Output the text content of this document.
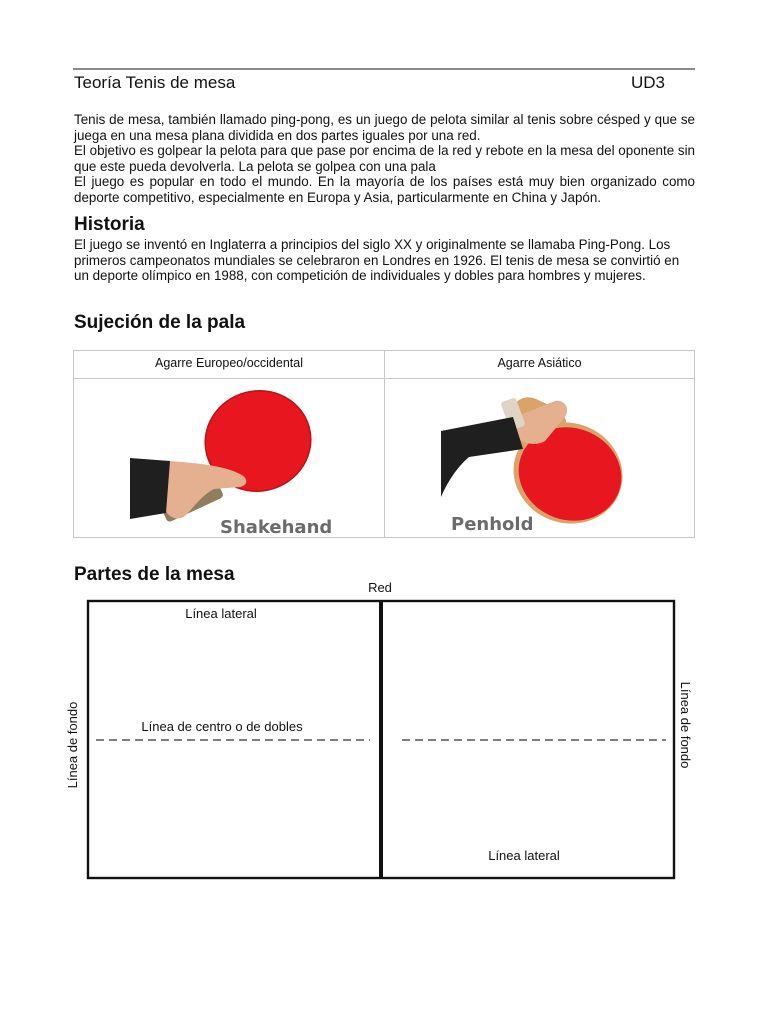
Teoría Tenis de mesa	UD3

Tenis de mesa, también llamado ping-pong, es un juego de pelota similar al tenis sobre césped y que se juega en una mesa plana dividida en dos partes iguales por una red.

El objetivo es golpear la pelota para que pase por encima de la red y rebote en la mesa del oponente sin que este pueda devolverla. La pelota se golpea con una pala

El juego es popular en todo el mundo. En la mayoría de los países está muy bien organizado como deporte competitivo, especialmente en Europa y Asia, particularmente en China y Japón.

Historia
El juego se inventó en Inglaterra a principios del siglo XX y originalmente se llamaba Ping-Pong. Los primeros campeonatos mundiales se celebraron en Londres en 1926. El tenis de mesa se convirtió en un deporte olímpico en 1988, con competición de individuales y dobles para hombres y mujeres.
Sujeción de la pala
Agarre Europeo/occidental	Agarre Asiático
Shakehand	Penhold
Partes de la mesa
Red
Línea lateral
Línea de centro o de dobles
Línea lateral
Línea de fondo	Línea de fondo
